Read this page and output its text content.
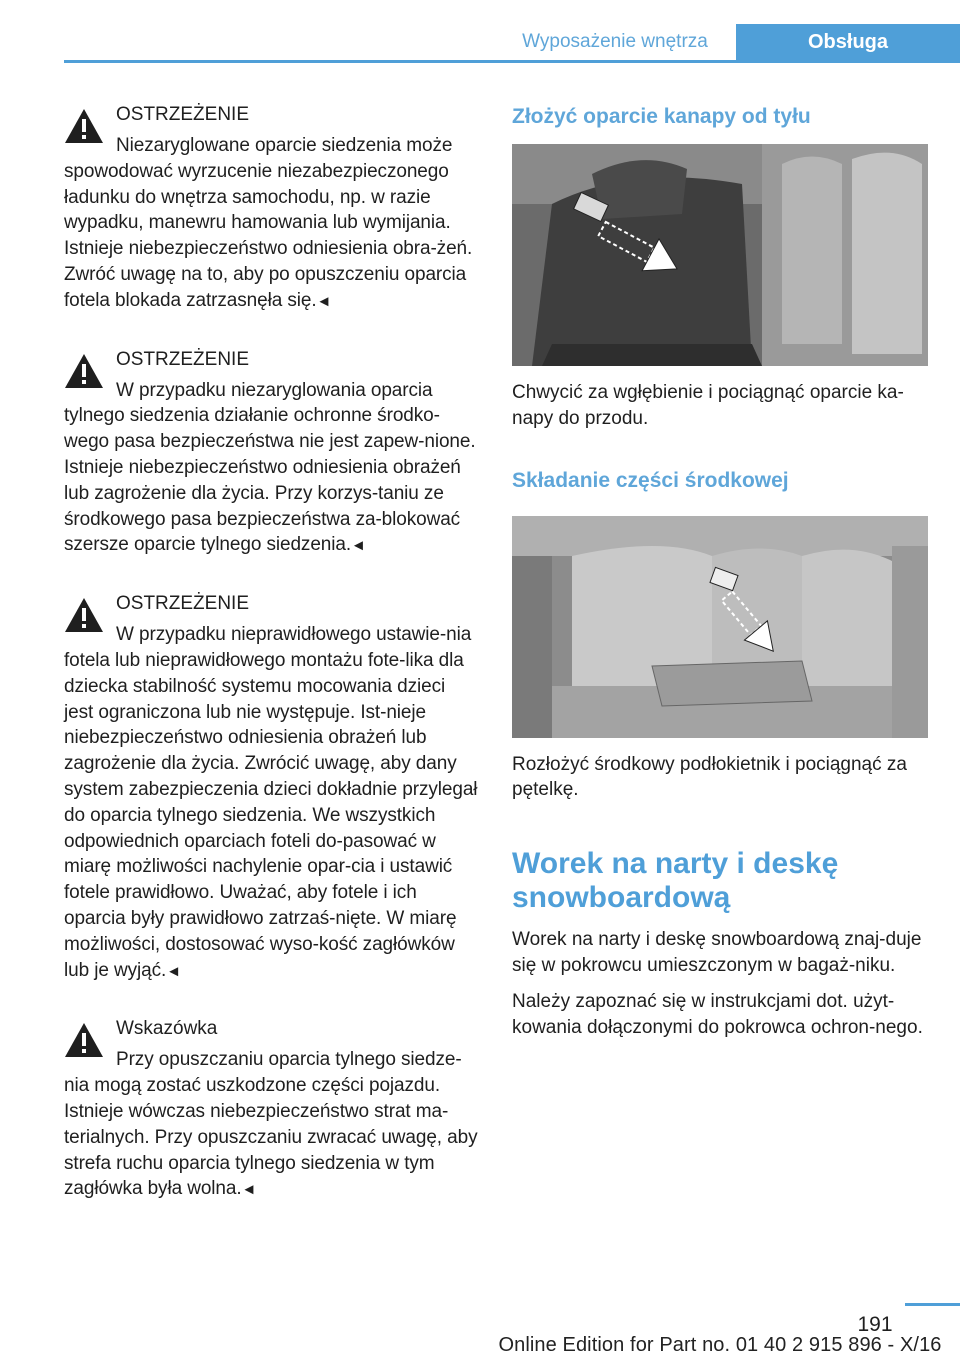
Wyposażenie wnętrza	Obsługa
OSTRZEŻENIE
Niezaryglowane oparcie siedzenia może spowodować wyrzucenie niezabezpieczonego ładunku do wnętrza samochodu, np. w razie wypadku, manewru hamowania lub wymijania. Istnieje niebezpieczeństwo odniesienia obra‐żeń. Zwróć uwagę na to, aby po opuszczeniu oparcia fotela blokada zatrzasnęła się.◄
OSTRZEŻENIE
W przypadku niezaryglowania oparcia tylnego siedzenia działanie ochronne środko‐wego pasa bezpieczeństwa nie jest zapew‐nione. Istnieje niebezpieczeństwo odniesienia obrażeń lub zagrożenie dla życia. Przy korzys‐taniu ze środkowego pasa bezpieczeństwa za‐blokować szersze oparcie tylnego siedzenia.◄
OSTRZEŻENIE
W przypadku nieprawidłowego ustawie‐nia fotela lub nieprawidłowego montażu fote‐lika dla dziecka stabilność systemu mocowania dzieci jest ograniczona lub nie występuje. Ist‐nieje niebezpieczeństwo odniesienia obrażeń lub zagrożenie dla życia. Zwrócić uwagę, aby dany system zabezpieczenia dzieci dokładnie przylegał do oparcia tylnego siedzenia. We wszystkich odpowiednich oparciach foteli do‐pasować w miarę możliwości nachylenie opar‐cia i ustawić fotele prawidłowo. Uważać, aby fotele i ich oparcia były prawidłowo zatrzaś‐nięte. W miarę możliwości, dostosować wyso‐kość zagłówków lub je wyjąć.◄
Wskazówka
Przy opuszczaniu oparcia tylnego siedze‐nia mogą zostać uszkodzone części pojazdu. Istnieje wówczas niebezpieczeństwo strat ma‐terialnych. Przy opuszczaniu zwracać uwagę, aby strefa ruchu oparcia tylnego siedzenia w tym zagłówka była wolna.◄
Złożyć oparcie kanapy od tyłu

Chwycić za wgłębienie i pociągnąć oparcie ka‐napy do przodu.

Składanie części środkowej

Rozłożyć środkowy podłokietnik i pociągnąć za pętelkę.

Worek na narty i deskę snowboardową

Worek na narty i deskę snowboardową znaj‐duje się w pokrowcu umieszczonym w bagaż‐niku.

Należy zapoznać się w instrukcjami dot. użyt‐kowania dołączonymi do pokrowca ochron‐nego.

191
Online Edition for Part no. 01 40 2 915 896 - X/16
